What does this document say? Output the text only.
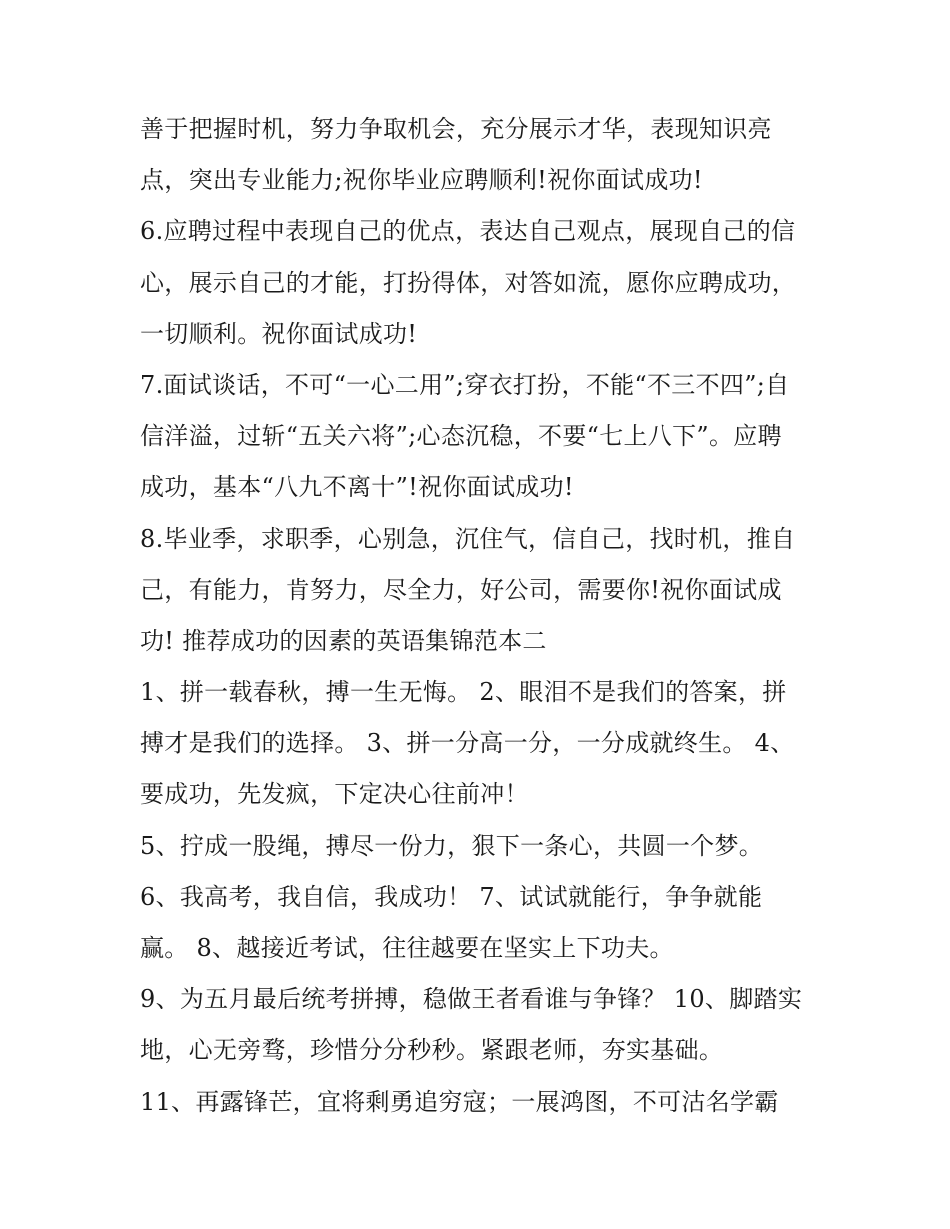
善于把握时机，努力争取机会，充分展示才华，表现知识亮
点，突出专业能力;祝你毕业应聘顺利!祝你面试成功!
6.应聘过程中表现自己的优点，表达自己观点，展现自己的信
心，展示自己的才能，打扮得体，对答如流，愿你应聘成功，
一切顺利。祝你面试成功!
7.面试谈话，不可“一心二用”;穿衣打扮，不能“不三不四”;自
信洋溢，过斩“五关六将”;心态沉稳，不要“七上八下”。应聘
成功，基本“八九不离十”!祝你面试成功!
8.毕业季，求职季，心别急，沉住气，信自己，找时机，推自
己，有能力，肯努力，尽全力，好公司，需要你!祝你面试成
功! 推荐成功的因素的英语集锦范本二
1、拼一载春秋，搏一生无悔。 2、眼泪不是我们的答案，拼
搏才是我们的选择。 3、拼一分高一分，一分成就终生。 4、
要成功，先发疯，下定决心往前冲！
5、拧成一股绳，搏尽一份力，狠下一条心，共圆一个梦。
6、我高考，我自信，我成功！ 7、试试就能行，争争就能
赢。 8、越接近考试，往往越要在坚实上下功夫。
9、为五月最后统考拼搏，稳做王者看谁与争锋？ 10、脚踏实
地，心无旁骛，珍惜分分秒秒。紧跟老师，夯实基础。
11、再露锋芒，宜将剩勇追穷寇；一展鸿图，不可沽名学霸
